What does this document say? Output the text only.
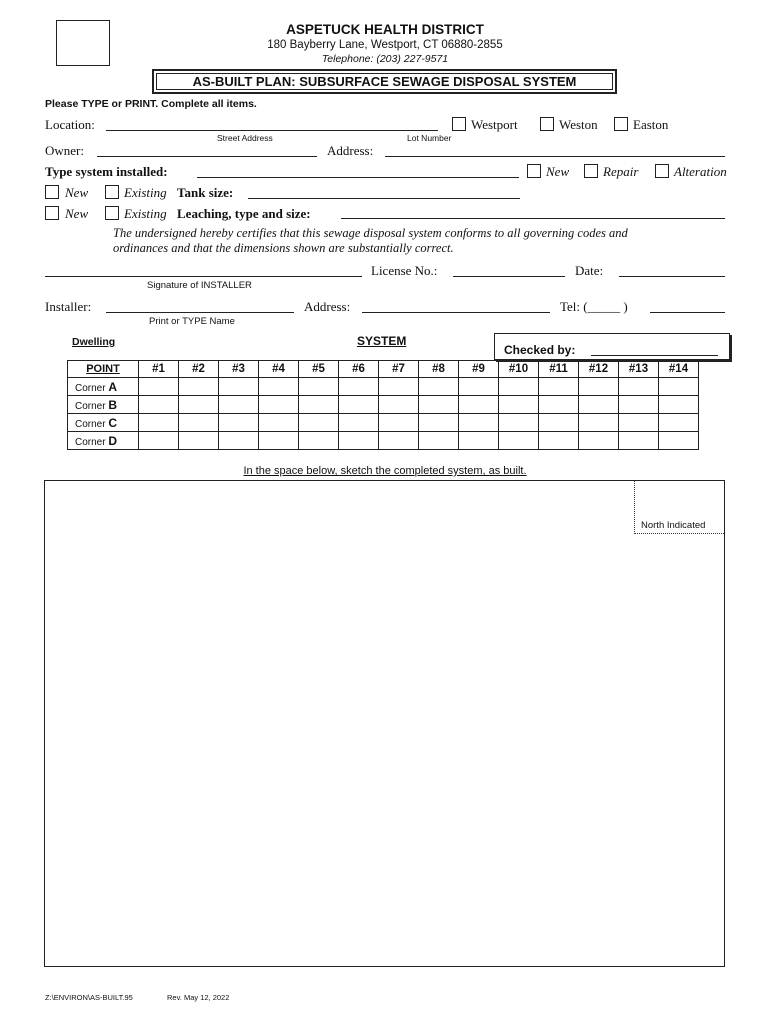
ASPETUCK HEALTH DISTRICT
180 Bayberry Lane, Westport, CT 06880-2855
Telephone: (203) 227-9571
AS-BUILT PLAN: SUBSURFACE SEWAGE DISPOSAL SYSTEM
Please TYPE or PRINT. Complete all items.
Location:
Street Address	Lot Number
Westport	Weston	Easton
Owner:	Address:
Type system installed:	New	Repair	Alteration
New	Existing Tank size:
New	Existing Leaching, type and size:
The undersigned hereby certifies that this sewage disposal system conforms to all governing codes and ordinances and that the dimensions shown are substantially correct.
License No.:	Date:
Signature of INSTALLER
Installer:	Address:	Tel: (_____ )
Print or TYPE Name
Dwelling	SYSTEM
Checked by:
POINT	#1	#2	#3	#4	#5	#6	#7	#8	#9	#10	#11	#12	#13	#14
Corner A														
Corner B														
Corner C														
Corner D														
In the space below, sketch the completed system, as built.
North Indicated
Z:\ENVIRON\AS-BUILT.95	Rev. May 12, 2022
